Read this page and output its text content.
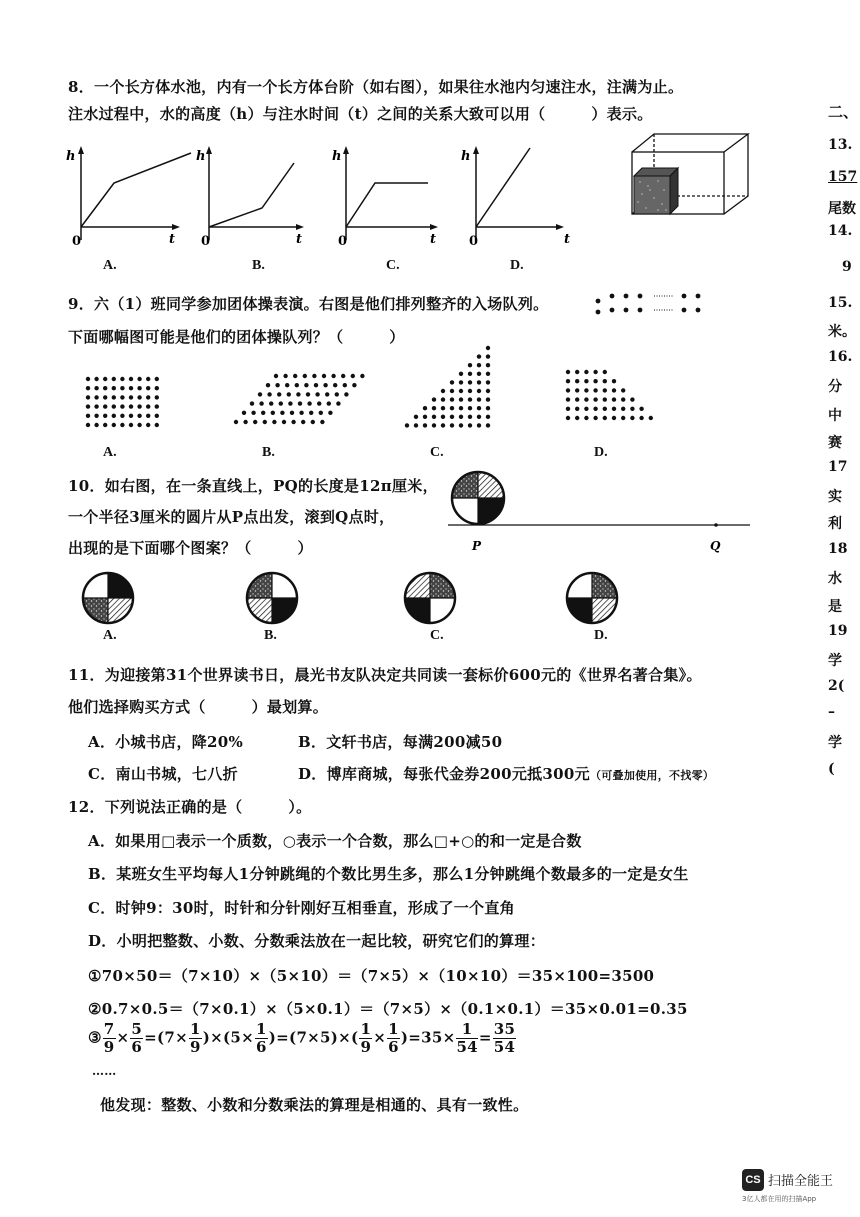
8．一个长方体水池，内有一个长方体台阶（如右图），如果往水池内匀速注水，注满为止。
注水过程中，水的高度（h）与注水时间（t）之间的关系大致可以用（　　　）表示。
h
t
0
h
t
0
h
t
0
h
t
0
A.	B.	C.	D.
9．六（1）班同学参加团体操表演。右图是他们排列整齐的入场队列。
下面哪幅图可能是他们的团体操队列？（　　　）
A.	B.	C.	D.
10．如右图，在一条直线上，PQ的长度是12π厘米，
一个半径3厘米的圆片从P点出发，滚到Q点时，
出现的是下面哪个图案？（　　　）	P	Q
A.	B.	C.	D.
11．为迎接第31个世界读书日，晨光书友队决定共同读一套标价600元的《世界名著合集》。
他们选择购买方式（　　　）最划算。
A．小城书店，降20%	B．文轩书店，每满200减50
C．南山书城，七八折	D．博库商城，每张代金券200元抵300元（可叠加使用，不找零）
12．下列说法正确的是（　　　）。
A．如果用□表示一个质数，○表示一个合数，那么□+○的和一定是合数
B．某班女生平均每人1分钟跳绳的个数比男生多，那么1分钟跳绳个数最多的一定是女生
C．时钟9：30时，时针和分针刚好互相垂直，形成了一个直角
D．小明把整数、小数、分数乘法放在一起比较，研究它们的算理：
①70×50＝（7×10）×（5×10）＝（7×5）×（10×10）＝35×100=3500
②0.7×0.5＝（7×0.1）×（5×0.1）＝（7×5）×（0.1×0.1）＝35×0.01=0.35
③ $\frac{7}{9} \times \frac{5}{6} =(7\times \frac{1}{9} )\times(5\times \frac{1}{6} )=(7\times 5)\times( \frac{1}{9} \times \frac{1}{6} )=35\times \frac{1}{54} = \frac{35}{54}$
……
他发现：整数、小数和分数乘法的算理是相通的、具有一致性。
二、
13.
157
尾数
14.
9
15.
米。
16.
分
中
赛
17
实
利
18
水
是
19
学
2(
–
学
(
CS 扫描全能王
3亿人都在用的扫描App
